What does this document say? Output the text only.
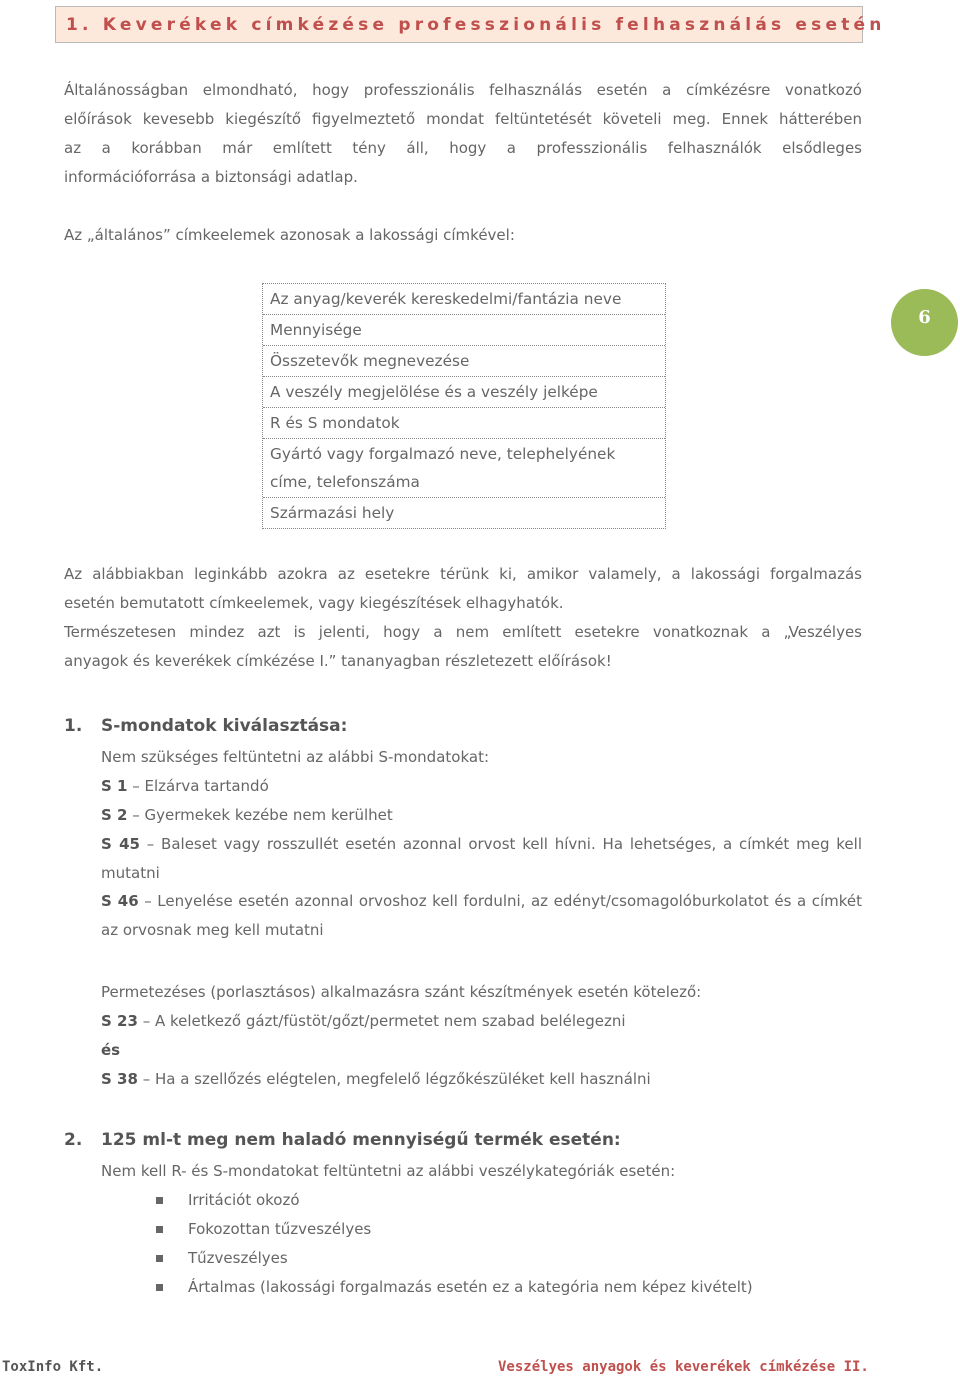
1. Keverékek címkézése professzionális felhasználás esetén

Általánosságban elmondható, hogy professzionális felhasználás esetén a címkézésre vonatkozó

előírások kevesebb kiegészítő figyelmeztető mondat feltüntetését követeli meg. Ennek hátterében

az a korábban már említett tény áll, hogy a professzionális felhasználók elsődleges

információforrása a biztonsági adatlap.

Az „általános” címkeelemek azonosak a lakossági címkével:

6
Az anyag/keverék kereskedelmi/fantázia neve
Mennyisége
Összetevők megnevezése
A veszély megjelölése és a veszély jelképe
R és S mondatok
Gyártó vagy forgalmazó neve, telephelyének címe, telefonszáma
Származási hely

Az alábbiakban leginkább azokra az esetekre térünk ki, amikor valamely, a lakossági forgalmazás

esetén bemutatott címkeelemek, vagy kiegészítések elhagyhatók.

Természetesen mindez azt is jelenti, hogy a nem említett esetekre vonatkoznak a „Veszélyes

anyagok és keverékek címkézése I.” tananyagban részletezett előírások!

1. S-mondatok kiválasztása:
Nem szükséges feltüntetni az alábbi S-mondatokat:
S 1 – Elzárva tartandó
S 2 – Gyermekek kezébe nem kerülhet
S 45 – Baleset vagy rosszullét esetén azonnal orvost kell hívni. Ha lehetséges, a címkét meg kell mutatni
S 46 – Lenyelése esetén azonnal orvoshoz kell fordulni, az edényt/csomagolóburkolatot és a címkét az orvosnak meg kell mutatni
Permetezéses (porlasztásos) alkalmazásra szánt készítmények esetén kötelező:
S 23 – A keletkező gázt/füstöt/gőzt/permetet nem szabad belélegezni
és
S 38 – Ha a szellőzés elégtelen, megfelelő légzőkészüléket kell használni
2. 125 ml-t meg nem haladó mennyiségű termék esetén:
Nem kell R- és S-mondatokat feltüntetni az alábbi veszélykategóriák esetén:
Irritációt okozó
Fokozottan tűzveszélyes
Tűzveszélyes
Ártalmas (lakossági forgalmazás esetén ez a kategória nem képez kivételt)
ToxInfo Kft.	Veszélyes anyagok és keverékek címkézése II.
